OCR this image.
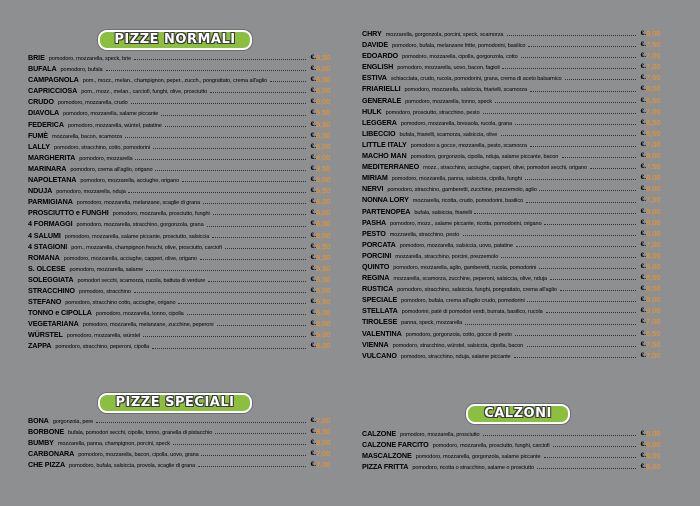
PIZZE NORMALI
BRIE pomodoro, mozzarella, speck, brie	€. 5,50
BUFALA pomodoro, bufala	€. 6,00
CAMPAGNOLA pom., mozz., melan., champignon, peper., zucch., pongrattato, crema all'aglio	€. 6,00
CAPRICCIOSA pom., mozz., melan., carciofi, funghi, olive, prosciutto	€. 6,00
CRUDO pomodoro, mozzarella, crudo	€. 6,00
DIAVOLA pomodoro, mozzarella, salame piccante	€. 5,50
FEDERICA pomodoro, mozzarella, wüntel, patatine	€. 5,50
FUMÈ mozzarella, bacon, scamorza	€. 6,00
LALLY pomodoro, stracchino, cotto, pomodorini	€. 6,00
MARGHERITA pomodoro, mozzarella	€. 4,00
MARINARA pomodoro, crema all'aglio, origano	€. 3,50
NAPOLETANA pomodoro, mozzarella, acciughe, origano	€. 5,00
NDUJA pomodoro, mozzarella, nduja	€. 5,50
PARMIGIANA pomodoro, mozzarella, melanzane, scaglie di grana	€. 6,00
PROSCIUTTO e FUNGHI pomodoro, mozzarella, prosciutto, funghi	€. 6,00
4 FORMAGGI pomodoro, mozzarella, stracchino, gorgonzola, grana	€. 6,00
4 SALUMI pomodoro, mozzarella, salame piccante, prosciutto, salsiccia	€. 6,00
4 STAGIONI pom., mozzarella, champignon freschi, olive, prosciutto, carciofi	€. 6,50
ROMANA pomodoro, mozzarella, acciughe, capperi, olive, origano	€. 5,50
S. OLCESE pomodoro, mozzarella, salame	€. 5,50
SOLEGGIATA pomodori secchi, scamorza, rucola, battuta di verdure	€. 6,00
STRACCHINO pomodoro, stracchino	€. 5,00
STEFANO pomodoro, stracchino cotto, acciughe, origano	€. 5,50
TONNO e CIPOLLA pomodoro, mozzarella, tonno, cipolla	€. 6,00
VEGETARIANA pomodoro, mozzarella, melanzane, zucchine, peperoni	€. 6,00
WÜRSTEL pomodoro, mozzarella, würstel	€. 5,00
ZAPPA pomodoro, stracchino, peperoni, cipolla	€. 6,00
PIZZE SPECIALI
BONA gorgonzola, pere	€. 7,00
BORBONE bufala, pomodori secchi, cipolle, tonno, granella di pistacchio	€. 8,50
BUMBY mozzarella, panna, champignon, porcini, speck	€. 8,00
CARBONARA pomodoro, mozzarella, bacon, cipolla, uovo, grana	€. 7,00
CHE PIZZA pomodoro, bufala, salsiccia, provola, scaglie di grana	€. 7,00
CHRY mozzarella, gorgonzola, porcini, speck, scamorza	€. 9,00
DAVIDE pomodoro, bufala, melanzane fritte, pomodorini, basilico	€. 7,50
EDOARDO pomodoro, mozzarella, cipolla, gorgonzola, cotto	€. 7,00
ENGLISH pomodoro, mozzarella, uovo, bacon, fagioli	€. 7,00
ESTIVA schiacciata, crudo, rucola, pomodorini, grana, crema di aceto balsamico	€. 7,00
FRIARIELLI pomodoro, mozzarella, salsiccia, friarielli, scamorza	€. 8,00
GENERALE pomodoro, mozzarella, tonno, speck	€. 6,50
HULK pomodoro, prosciutto, stracchino, pesto	€. 7,00
LEGGERA pomodoro, mozzarella, bresaola, rucola, grana	€. 8,50
LIBECCIO bufala, friarielli, scamorza, salsiccia, olive	€. 9,50
LITTLE ITALY pomodoro a gocce, mozzarella, pesto, scamorza	€. 7,00
MACHO MAN pomodoro, gorgonzola, cipolla, nduja, salame piccante, bacon	€. 8,00
MEDITERRANEO mozz., stracchino, acciughe, capperi, olive, pomodori secchi, origano	€. 7,50
MIRIAM pomodoro, mozzarella, panna, salsiccia, cipolla, funghi	€. 8,00
NERVI pomodoro, stracchino, gamberetti, zucchine, prezzemolo, aglio	€. 8,00
NONNA LORY mozzarella, ricotta, crudo, pomodorini, basilico	€. 7,50
PARTENOPEA bufala, salsiccia, friarielli	€. 9,00
PASHA pomodoro, mozz., salame piccante, ricotta, pomodorini, origano	€. 8,00
PESTO mozzarella, stracchino, pesto	€. 6,00
PORCATA pomodoro, mozzarella, salsiccia, uovo, patatine	€. 7,00
PORCINI mozzarella, stracchino, porcini, prezzemolo	€. 8,00
QUINTO pomodoro, mozzarella, aglio, gamberetti, rucola, pomodorini	€. 9,00
REGINA mozzarella, scamorza, zucchine, peperoni, salsiccia, olive, nduja	€. 8,50
RUSTICA pomodoro, stracchino, salsiccia, funghi, pongrattato, crema all'aglio	€. 8,00
SPECIALE pomodoro, bufala, crema all'aglio crudo, pomodorini	€. 9,00
STELLATA pomodorini, patè di pomodori verdi, burrata, basilico, rucola	€. 9,00
TIROLESE panna, speck, mozzarella	€. 7,00
VALENTINA pomodoro, gorgonzola, cotto, gocce di pesto	€. 6,50
VIENNA pomodoro, stracchino, würstel, salsiccia, cipolla, bacon	€. 7,50
VULCANO pomodoro, stracchino, nduja, salame piccante	€. 7,00
CALZONI
CALZONE pomodoro, mozzarella, prosciutto	€. 5,00
CALZONE FARCITO pomodoro, mozzarella, prosciutto, funghi, carciofi	€. 6,00
MASCALZONE pomodoro, mozzarella, gorgonzola, salame piccante	€. 6,00
PIZZA FRITTA pomodoro, ricotta o stracchino, salame o prosciutto	€. 6,00
